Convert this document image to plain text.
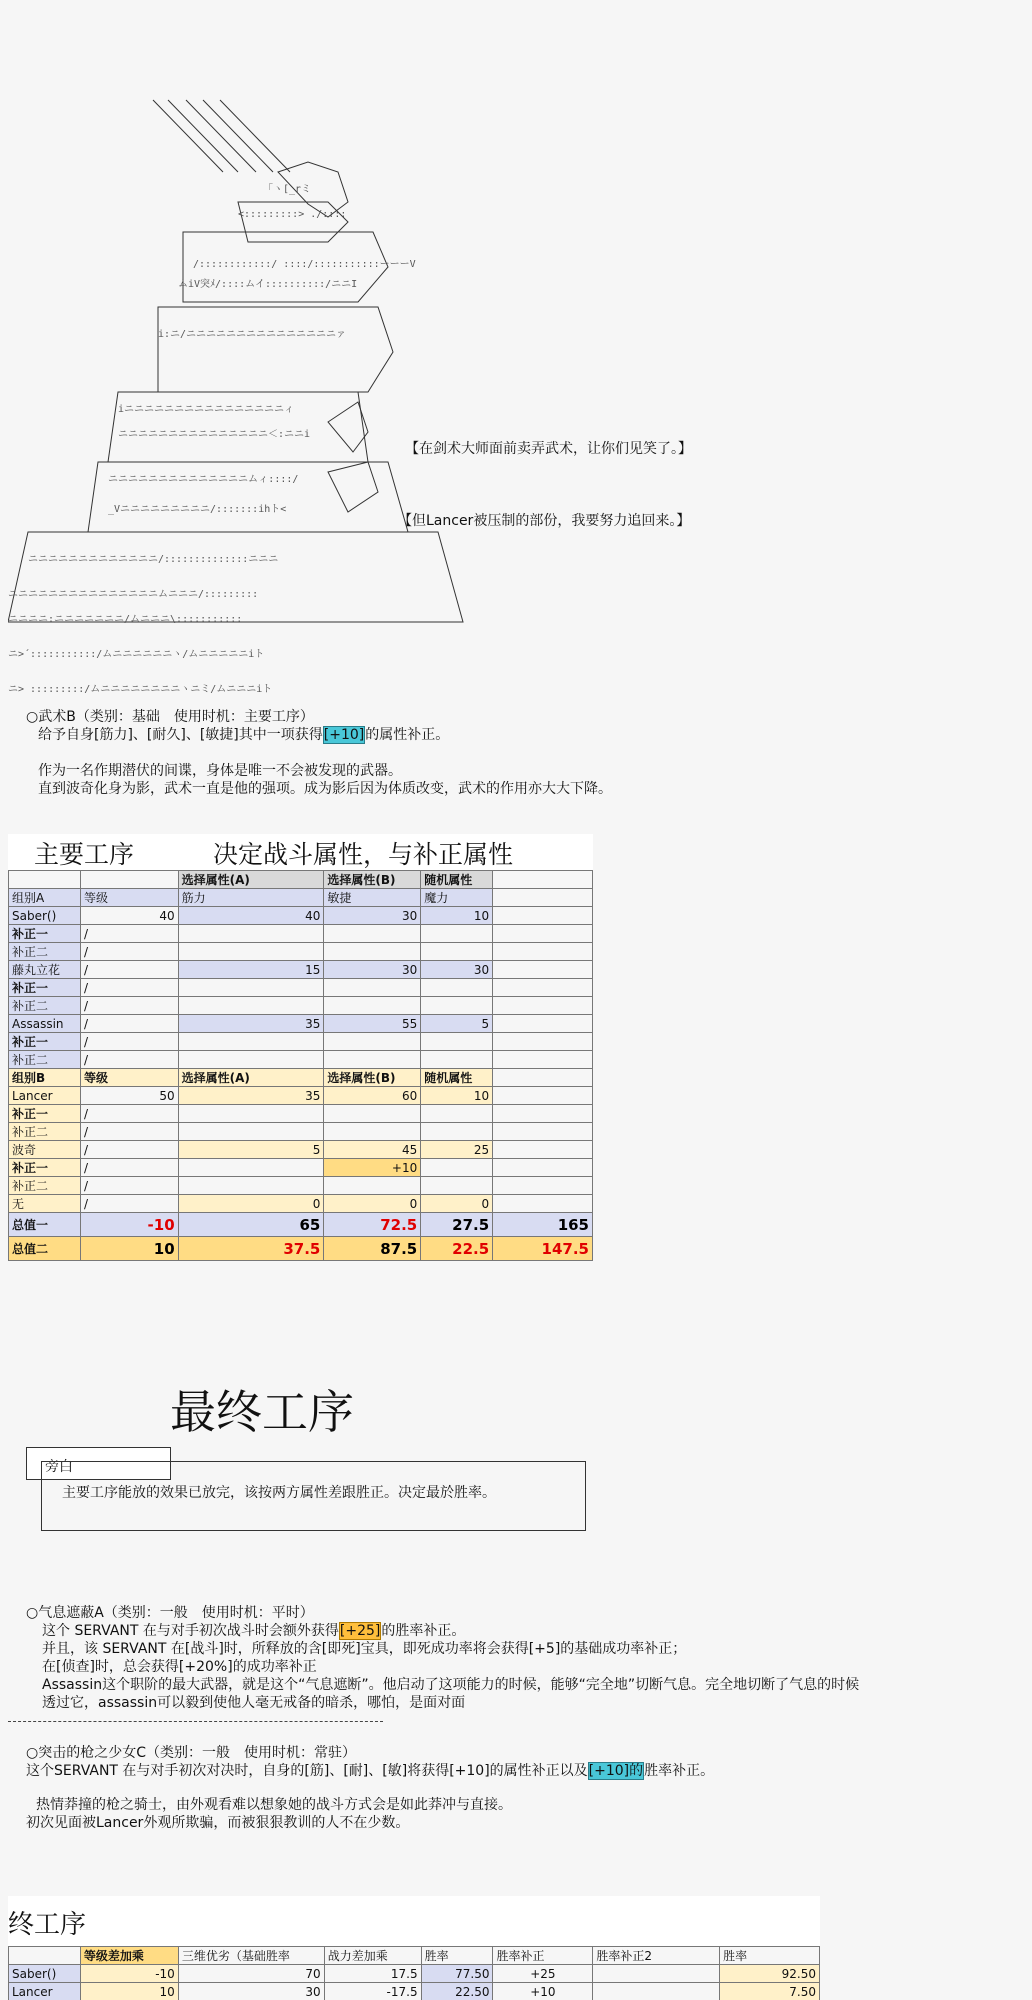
「ヽ[_rミ
<:::::::::> ./::::
/::::::::::::/ ::::/:::::::::::ーーーV
ムiV突ﾒ/::::ムイ::::::::::/ニニI
i:ニ/ニニニニニニニニニニニニニニニァ
iニニニニニニニニニニニニニニニニィ
ニニニニニニニニニニニニニニニ＜:ニニi
ニニニニニニニニニニニニニニムィ::::/
_Vニニニニニニニニニ/:::::::ihト<
ニニニニニニニニニニニニニ/::::::::::::::ニニニ
ニニニニニニニニニニニニニニニムニニニ/:::::::::
ニニニニ:ニニニニニニニ/ムニニニ\:::::::::::
ニ>´:::::::::::/ムニニニニニニヽ/ムニニニニニiト
ニ> :::::::::/ムニニニニニニニニヽニミ/ムニニニiト
【在剑术大师面前卖弄武术，让你们见笑了。】
【但Lancer被压制的部份，我要努力追回来。】

○武术B（类别：基础　使用时机：主要工序）

给予自身[筋力]、[耐久]、[敏捷]其中一项获得[+10]的属性补正。

作为一名作期潜伏的间谍，身体是唯一不会被发现的武器。

直到波奇化身为影，武术一直是他的强项。成为影后因为体质改变，武术的作用亦大大下降。

主要工序	决定战斗属性，与补正属性
		选择属性(A)	选择属性(B)	随机属性	
组别A	等级	筋力	敏捷	魔力	
Saber()	40	40	30	10	
补正一	/				
补正二	/				
藤丸立花	/	15	30	30	
补正一	/				
补正二	/				
Assassin	/	35	55	5	
补正一	/				
补正二	/				
组别B	等级	选择属性(A)	选择属性(B)	随机属性	
Lancer	50	35	60	10	
补正一	/				
补正二	/				
波奇	/	5	45	25	
补正一	/		+10		
补正二	/				
无	/	0	0	0	
总值一	-10	65	72.5	27.5	165
总值二	10	37.5	87.5	22.5	147.5
最终工序
旁白
主要工序能放的效果已放完，该按两方属性差跟胜正。决定最於胜率。

○气息遮蔽A（类别：一般　使用时机：平时）

这个 SERVANT 在与对手初次战斗时会额外获得[+25]的胜率补正。

并且，该 SERVANT 在[战斗]时，所释放的含[即死]宝具，即死成功率将会获得[+5]的基础成功率补正；

在[侦查]时，总会获得[+20%]的成功率补正

Assassin这个职阶的最大武器，就是这个“气息遮断”。他启动了这项能力的时候，能够“完全地”切断气息。完全地切断了气息的时候

透过它，assassin可以毅到使他人毫无戒备的暗杀，哪怕，是面对面

○突击的枪之少女C（类别：一般　使用时机：常驻）

这个SERVANT 在与对手初次对决时，自身的[筋]、[耐]、[敏]将获得[+10]的属性补正以及[+10]的胜率补正。

热情莽撞的枪之骑士，由外观看难以想象她的战斗方式会是如此莽冲与直接。

初次见面被Lancer外观所欺骗，而被狠狠教训的人不在少数。

终工序
	等级差加乘	三维优劣（基础胜率	战力差加乘	胜率	胜率补正	胜率补正2	胜率
Saber()	-10	70	17.5	77.50	+25		92.50
Lancer	10	30	-17.5	22.50	+10		7.50
